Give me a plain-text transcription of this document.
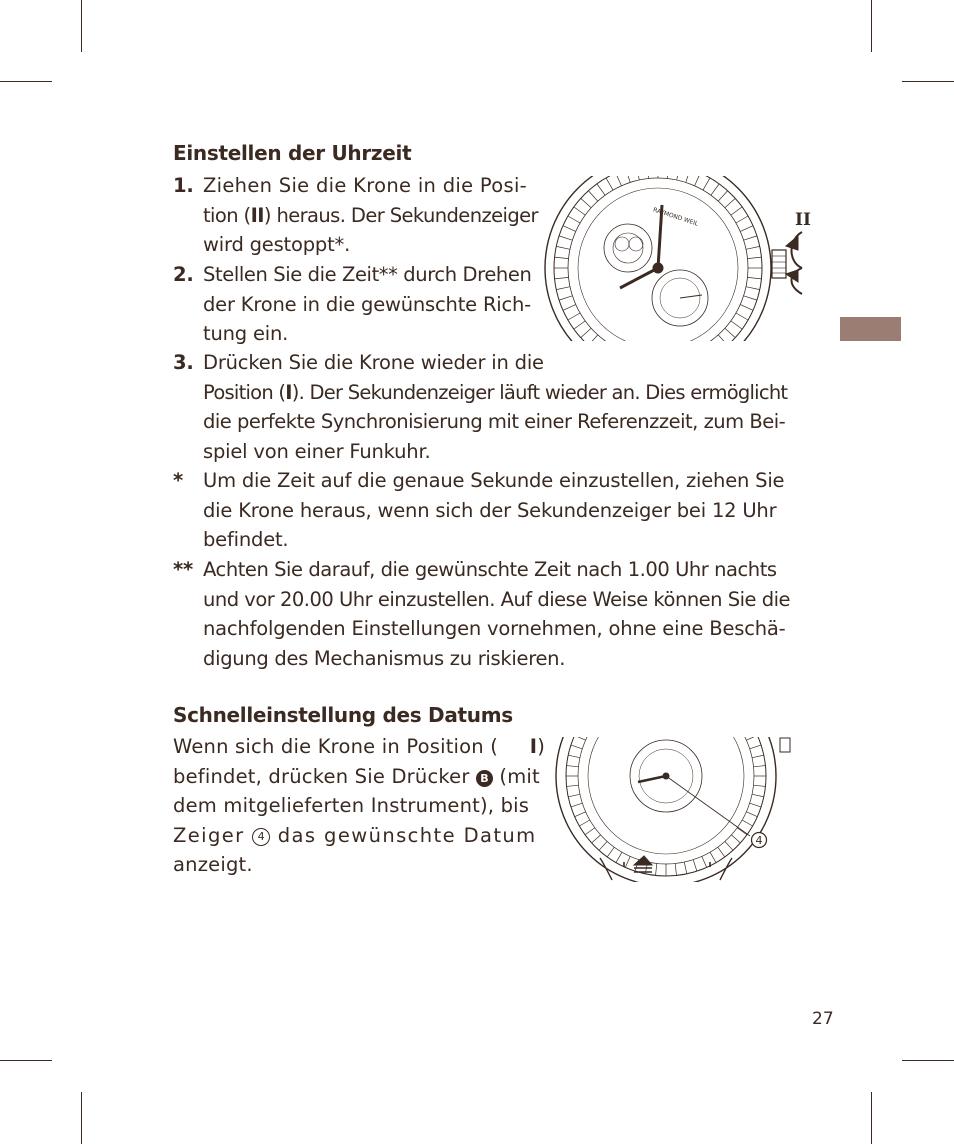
Einstellen der Uhrzeit
1. Ziehen Sie die Krone in die Posi-
tion (II) heraus. Der Sekundenzeiger
wird gestoppt*.
2. Stellen Sie die Zeit** durch Drehen
der Krone in die gewünschte Rich-
tung ein.
3. Drücken Sie die Krone wieder in die
Position (I). Der Sekundenzeiger läuft wieder an. Dies ermöglicht
die perfekte Synchronisierung mit einer Referenzzeit, zum Bei-
spiel von einer Funkuhr.
* Um die Zeit auf die genaue Sekunde einzustellen, ziehen Sie
die Krone heraus, wenn sich der Sekundenzeiger bei 12 Uhr
befindet.
** Achten Sie darauf, die gewünschte Zeit nach 1.00 Uhr nachts
und vor 20.00 Uhr einzustellen. Auf diese Weise können Sie die
nachfolgenden Einstellungen vornehmen, ohne eine Beschä-
digung des Mechanismus zu riskieren.
RAYMOND WEIL	II
Schnelleinstellung des Datums
Wenn sich die Krone in Position ( I)
befindet, drücken Sie Drücker B (mit
dem mitgelieferten Instrument), bis
Zeiger 4 das gewünschte Datum
anzeigt.
4
27
